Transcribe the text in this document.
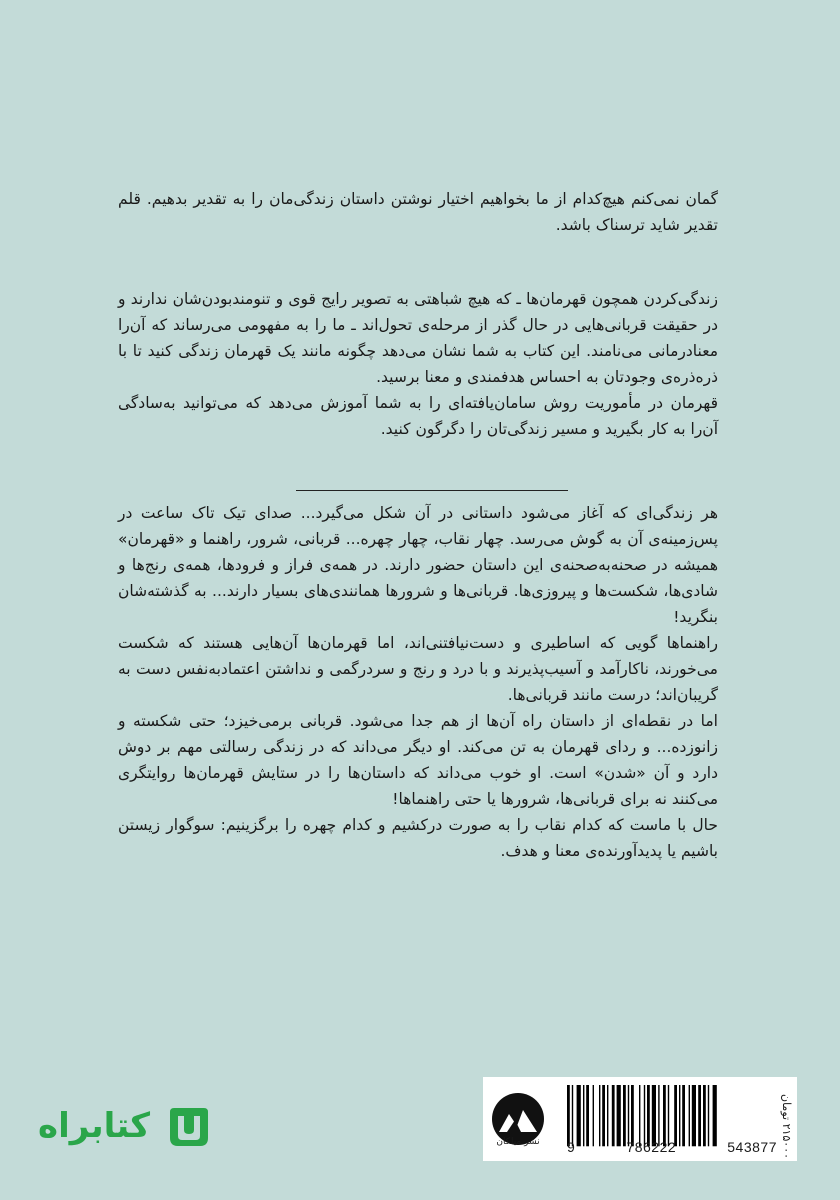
گمان نمی‌کنم هیچ‌کدام از ما بخواهیم اختیار نوشتن داستان زندگی‌مان را به تقدیر بدهیم. قلم تقدیر شاید ترسناک باشد.

زندگی‌کردن همچون قهرمان‌ها ـ که هیچ شباهتی به تصویر رایج قوی و تنومندبودن‌شان ندارند و در حقیقت قربانی‌هایی در حال گذر از مرحله‌ی تحول‌اند ـ ما را به مفهومی می‌رساند که آن‌را معنادرمانی می‌نامند. این کتاب به شما نشان می‌دهد چگونه مانند یک قهرمان زندگی کنید تا با ذره‌ذره‌ی وجودتان به احساس هدفمندی و معنا برسید.

قهرمان در مأموریت روش سامان‌یافته‌ای را به شما آموزش می‌دهد که می‌توانید به‌سادگی آن‌را به کار بگیرید و مسیر زندگی‌تان را دگرگون کنید.

هر زندگی‌ای که آغاز می‌شود داستانی در آن شکل می‌گیرد... صدای تیک تاک ساعت در پس‌زمینه‌ی آن به گوش می‌رسد. چهار نقاب، چهار چهره... قربانی، شرور، راهنما و «قهرمان» همیشه در صحنه‌به‌صحنه‌ی این داستان حضور دارند. در همه‌ی فراز و فرودها، همه‌ی رنج‌ها و شادی‌ها، شکست‌ها و پیروزی‌ها. قربانی‌ها و شرورها همانندی‌های بسیار دارند... به گذشته‌شان بنگرید!

راهنماها گویی که اساطیری و دست‌نیافتنی‌اند، اما قهرمان‌ها آن‌هایی هستند که شکست می‌خورند، ناکارآمد و آسیب‌پذیرند و با درد و رنج و سردرگمی و نداشتن اعتمادبه‌نفس دست به گریبان‌اند؛ درست مانند قربانی‌ها.

اما در نقطه‌ای از داستان راه آن‌ها از هم جدا می‌شود. قربانی برمی‌خیزد؛ حتی شکسته و زانوزده... و ردای قهرمان به تن می‌کند. او دیگر می‌داند که در زندگی رسالتی مهم بر دوش دارد و آن «شدن» است. او خوب می‌داند که داستان‌ها را در ستایش قهرمان‌ها روایتگری می‌کنند نه برای قربانی‌ها، شرورها یا حتی راهنماها!

حال با ماست که کدام نقاب را به صورت درکشیم و کدام چهره را برگزینیم: سوگوار زیستن باشیم یا پدیدآورنده‌ی معنا و هدف.

نشر میلکان	9	786222	543877
۲۱۵۰۰۰ تومان
کتابراه
